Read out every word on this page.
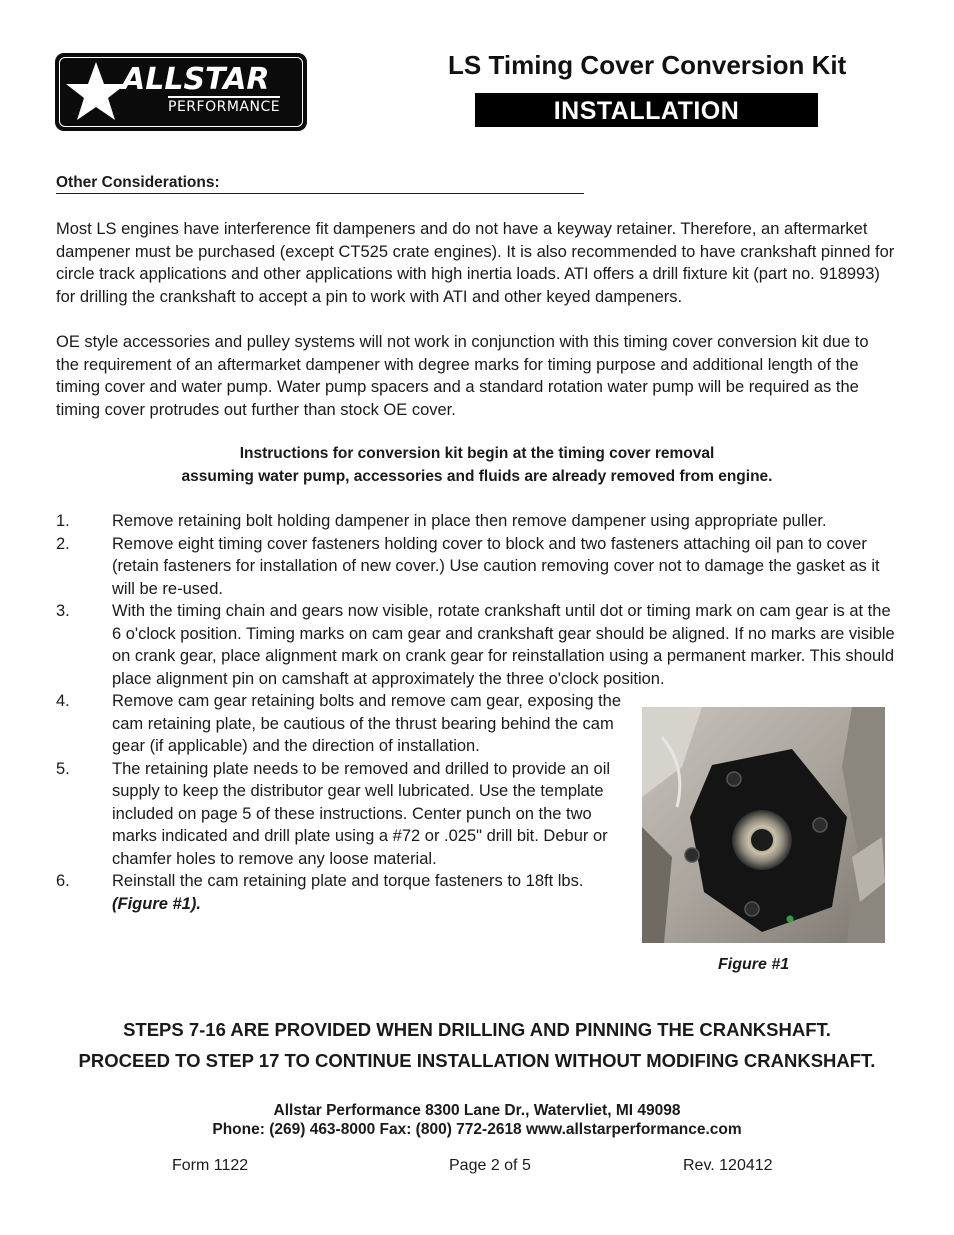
ALLSTAR
PERFORMANCE
LS Timing Cover Conversion Kit
INSTALLATION
Other Considerations:

Most LS engines have interference fit dampeners and do not have a keyway retainer. Therefore, an aftermarket dampener must be purchased (except CT525 crate engines). It is also recommended to have crankshaft pinned for circle track applications and other applications with high inertia loads. ATI offers a drill fixture kit (part no. 918993) for drilling the crankshaft to accept a pin to work with ATI and other keyed dampeners.

OE style accessories and pulley systems will not work in conjunction with this timing cover conversion kit due to the requirement of an aftermarket dampener with degree marks for timing purpose and additional length of the timing cover and water pump. Water pump spacers and a standard rotation water pump will be required as the timing cover protrudes out further than stock OE cover.

Instructions for conversion kit begin at the timing cover removal
assuming water pump, accessories and fluids are already removed from engine.
1.	Remove retaining bolt holding dampener in place then remove dampener using appropriate puller.
2.	Remove eight timing cover fasteners holding cover to block and two fasteners attaching oil pan to cover (retain fasteners for installation of new cover.) Use caution removing cover not to damage the gasket as it will be re-used.
3.	With the timing chain and gears now visible, rotate crankshaft until dot or timing mark on cam gear is at the 6 o'clock position. Timing marks on cam gear and crankshaft gear should be aligned. If no marks are visible on crank gear, place alignment mark on crank gear for reinstallation using a permanent marker. This should place alignment pin on camshaft at approximately the three o'clock position.
4.	Remove cam gear retaining bolts and remove cam gear, exposing the cam retaining plate, be cautious of the thrust bearing behind the cam gear (if applicable) and the direction of installation.
5.	The retaining plate needs to be removed and drilled to provide an oil supply to keep the distributor gear well lubricated. Use the template included on page 5 of these instructions. Center punch on the two marks indicated and drill plate using a #72 or .025" drill bit. Debur or chamfer holes to remove any loose material.
6.	Reinstall the cam retaining plate and torque fasteners to 18ft lbs.
(Figure #1).
Figure #1
STEPS 7-16 ARE PROVIDED WHEN DRILLING AND PINNING THE CRANKSHAFT.
PROCEED TO STEP 17 TO CONTINUE INSTALLATION WITHOUT MODIFING CRANKSHAFT.
Allstar Performance 8300 Lane Dr., Watervliet, MI 49098
Phone: (269) 463-8000 Fax: (800) 772-2618 www.allstarperformance.com
Form 1122	Page 2 of 5	Rev. 120412
